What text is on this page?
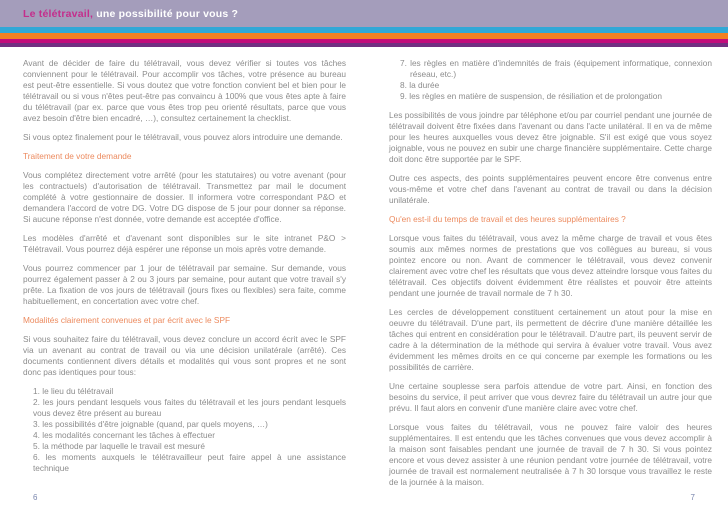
Le télétravail, une possibilité pour vous ?
Avant de décider de faire du télétravail, vous devez vérifier si toutes vos tâches conviennent pour le télétravail. Pour accomplir vos tâches, votre présence au bureau est peut-être essentielle. Si vous doutez que votre fonction convient bel et bien pour le télétravail ou si vous n'êtes peut-être pas convaincu à 100% que vous êtes apte à faire du télétravail (par ex. parce que vous êtes trop peu orienté résultats, parce que vous avez besoin d'être bien encadré, …), consultez certainement la checklist.
Si vous optez finalement pour le télétravail, vous pouvez alors introduire une demande.
Traitement de votre demande
Vous complétez directement votre arrêté (pour les statutaires) ou votre avenant (pour les contractuels) d'autorisation de télétravail. Transmettez par mail le document complété à votre gestionnaire de dossier. Il informera votre correspondant P&O et demandera l'accord de votre DG. Votre DG dispose de 5 jour pour donner sa réponse. Si aucune réponse n'est donnée, votre demande est acceptée d'office.
Les modèles d'arrêté et d'avenant sont disponibles sur le site intranet P&O > Télétravail. Vous pourrez déjà espérer une réponse un mois après votre demande.
Vous pourrez commencer par 1 jour de télétravail par semaine. Sur demande, vous pourrez également passer à 2 ou 3 jours par semaine, pour autant que votre travail s'y prête. La fixation de vos jours de télétravail (jours fixes ou flexibles) sera faite, comme habituellement, en concertation avec votre chef.
Modalités clairement convenues et par écrit avec le SPF
Si vous souhaitez faire du télétravail, vous devez conclure un accord écrit avec le SPF via un avenant au contrat de travail ou via une décision unilatérale (arrêté). Ces documents contiennent divers détails et modalités qui vous sont propres et ne sont donc pas identiques pour tous:
1. le lieu du télétravail
2. les jours pendant lesquels vous faites du télétravail et les jours pendant lesquels vous devez être présent au bureau
3. les possibilités d'être joignable (quand, par quels moyens, …)
4. les modalités concernant les tâches à effectuer
5. la méthode par laquelle le travail est mesuré
6. les moments auxquels le télétravailleur peut faire appel à une assistance technique
7. les règles en matière d'indemnités de frais (équipement informatique, connexion réseau, etc.)
8. la durée
9. les règles en matière de suspension, de résiliation et de prolongation
Les possibilités de vous joindre par téléphone et/ou par courriel pendant une journée de télétravail doivent être fixées dans l'avenant ou dans l'acte unilatéral. Il en va de même pour les heures auxquelles vous devez être joignable. S'il est exigé que vous soyez joignable, vous ne pouvez en subir une charge financière supplémentaire. Cette charge doit donc être supportée par le SPF.
Outre ces aspects, des points supplémentaires peuvent encore être convenus entre vous-même et votre chef dans l'avenant au contrat de travail ou dans la décision unilatérale.
Qu'en est-il du temps de travail et des heures supplémentaires ?
Lorsque vous faites du télétravail, vous avez la même charge de travail et vous êtes soumis aux mêmes normes de prestations que vos collègues au bureau, si vous pointez encore ou non. Avant de commencer le télétravail, vous devez convenir clairement avec votre chef les résultats que vous devez atteindre lorsque vous faites du télétravail. Ces objectifs doivent évidemment être réalistes et pouvoir être atteints pendant une journée de travail normale de 7 h 30.
Les cercles de développement constituent certainement un atout pour la mise en oeuvre du télétravail. D'une part, ils permettent de décrire d'une manière détaillée les tâches qui entrent en considération pour le télétravail. D'autre part, ils peuvent servir de cadre à la détermination de la méthode qui servira à évaluer votre travail. Vous avez évidemment les mêmes droits en ce qui concerne par exemple les formations ou les possibilités de carrière.
Une certaine souplesse sera parfois attendue de votre part. Ainsi, en fonction des besoins du service, il peut arriver que vous devrez faire du télétravail un autre jour que prévu. Il faut alors en convenir d'une manière claire avec votre chef.
Lorsque vous faites du télétravail, vous ne pouvez faire valoir des heures supplémentaires. Il est entendu que les tâches convenues que vous devez accomplir à la maison sont faisables pendant une journée de travail de 7 h 30. Si vous pointez encore et vous devez assister à une réunion pendant votre journée de télétravail, votre journée de travail est normalement neutralisée à 7 h 30 lorsque vous travaillez le reste de la journée à la maison.
6	7
